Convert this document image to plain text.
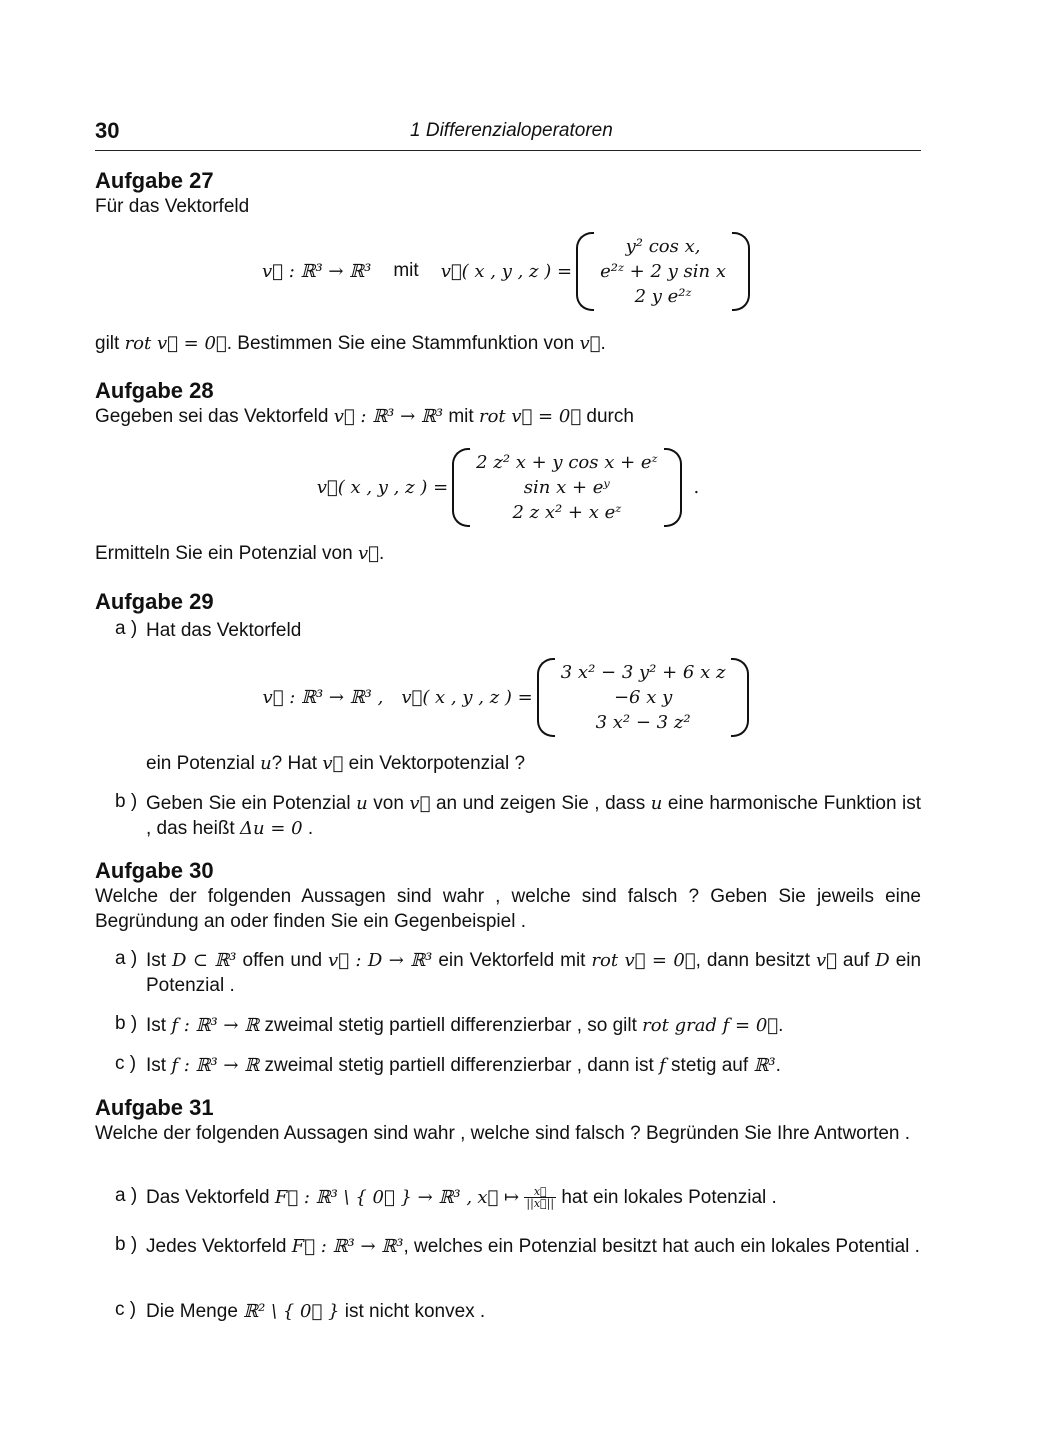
30	1 Differenzialoperatoren
Aufgabe 27

Für das Vektorfeld

v⃗ : ℝ³ → ℝ³ mit v⃗( x , y , z ) =
y² cos x,
e²ᶻ + 2 y sin x
2 y e²ᶻ

gilt rot v⃗ = 0⃗. Bestimmen Sie eine Stammfunktion von v⃗.

Aufgabe 28

Gegeben sei das Vektorfeld v⃗ : ℝ³ → ℝ³ mit rot v⃗ = 0⃗ durch

v⃗( x , y , z ) =
2 z² x + y cos x + eᶻ
sin x + eʸ
2 z x² + x eᶻ
.

Ermitteln Sie ein Potenzial von v⃗.

Aufgabe 29
a ) Hat das Vektorfeld
v⃗ : ℝ³ → ℝ³ , v⃗( x , y , z ) =
3 x² − 3 y² + 6 x z
−6 x y
3 x² − 3 z²
ein Potenzial u? Hat v⃗ ein Vektorpotenzial ?
b ) Geben Sie ein Potenzial u von v⃗ an und zeigen Sie , dass u eine harmonische Funktion ist , das heißt Δu = 0 .
Aufgabe 30

Welche der folgenden Aussagen sind wahr , welche sind falsch ? Geben Sie jeweils eine Begründung an oder finden Sie ein Gegenbeispiel .

a ) Ist D ⊂ ℝ³ offen und v⃗ : D → ℝ³ ein Vektorfeld mit rot v⃗ = 0⃗, dann besitzt v⃗ auf D ein Potenzial .
b ) Ist f : ℝ³ → ℝ zweimal stetig partiell differenzierbar , so gilt rot grad f = 0⃗.
c ) Ist f : ℝ³ → ℝ zweimal stetig partiell differenzierbar , dann ist f stetig auf ℝ³.
Aufgabe 31

Welche der folgenden Aussagen sind wahr , welche sind falsch ? Begründen Sie Ihre Antworten .

a ) Das Vektorfeld F⃗ : ℝ³ \ { 0⃗ } → ℝ³ , x⃗ ↦ $\frac{x⃗}{||x⃗||}$ hat ein lokales Potenzial .
b ) Jedes Vektorfeld F⃗ : ℝ³ → ℝ³, welches ein Potenzial besitzt hat auch ein lokales Potential .
c ) Die Menge ℝ² \ { 0⃗ } ist nicht konvex .
